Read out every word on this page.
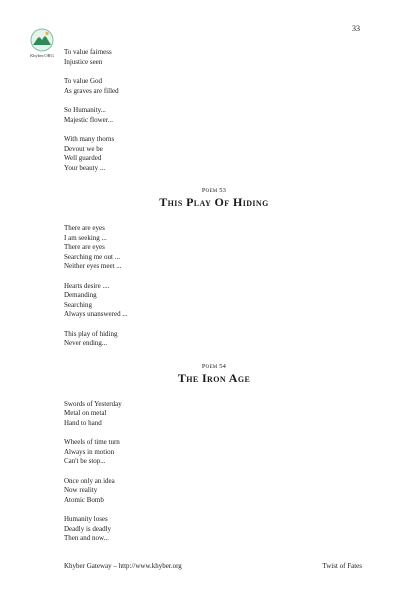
33
Khyber.ORG	To value fairness
Injustice seen
To value God
As graves are filled
So Humanity...
Majestic flower...
With many thorns
Devout we be
Well guarded
Your beauty ...
Poem 53
This Play Of Hiding
There are eyes
I am seeking ...
There are eyes
Searching me out ...
Neither eyes meet ...
Hearts desire ....
Demanding
Searching
Always unanswered ...
This play of hiding
Never ending...
Poem 54
The Iron Age
Swords of Yesterday
Metal on metal
Hand to hand
Wheels of time turn
Always in motion
Can't be stop...
Once only an idea
Now reality
Atomic Bomb
Humanity loses
Deadly is deadly
Then and now...
Khyber Gateway – http://www.khyber.org	Twist of Fates
